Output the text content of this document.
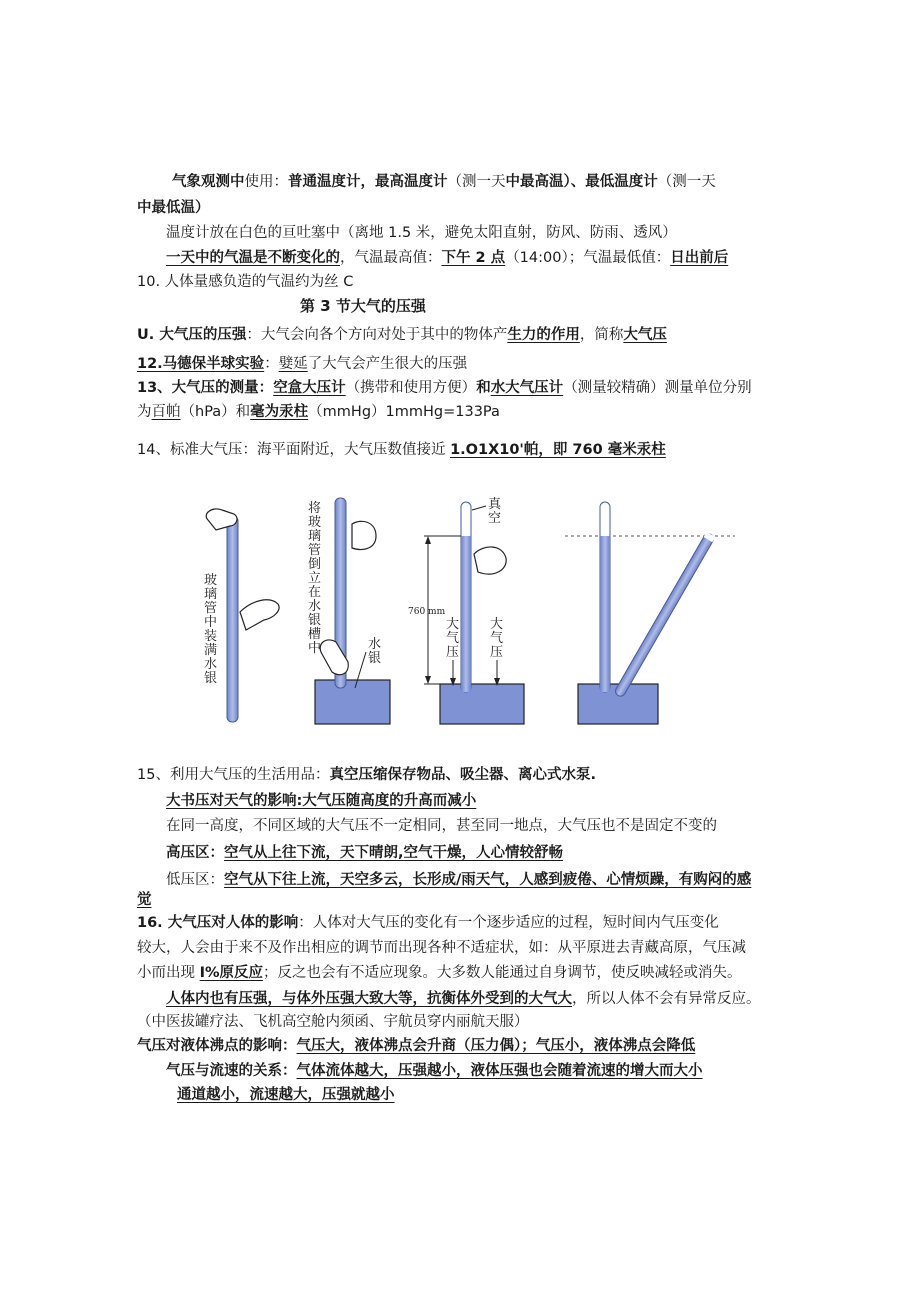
气象观测中使用：普通温度计，最高温度计（测一天中最高温）、最低温度计（测一天
中最低温）
温度计放在白色的亘吐塞中（离地 1.5 米，避免太阳直射，防风、防雨、透风）
一天中的气温是不断变化的，气温最高值：下午 2 点（14:00）；气温最低值：日出前后
10. 人体量感负造的气温约为丝 C
第 3 节大气的压强
U. 大气压的压强：大气会向各个方向对处于其中的物体产生力的作用，简称大气压
12.马德保半球实验：嬖延了大气会产生很大的压强
13、大气压的测量：空盒大压计（携带和使用方便）和水大气压计（测量较精确）测量单位分别
为百帕（hPa）和毫为汞柱（mmHg）1mmHg=133Pa
14、标准大气压：海平面附近，大气压数值接近 1.O1X10'帕，即 760 毫米汞柱
玻
璃
管
中
装
满
水
银
将
玻
璃
管
倒
立
在
水
银
槽
中	水
银
760 mm
真
空
大
气
压
大
气
压
15、利用大气压的生活用品：真空压缩保存物品、吸尘器、离心式水泵.
大书压对天气的影响:大气压随高度的升高而减小
在同一高度，不同区域的大气压不一定相同，甚至同一地点，大气压也不是固定不变的
高压区：空气从上往下流，天下晴朗,空气干燥，人心情较舒畅
低压区：空气从下往上流，天空多云，长形成/雨天气，人感到疲倦、心情烦躁，有购闷的感
觉
16. 大气压对人体的影响：人体对大气压的变化有一个逐步适应的过程，短时间内气压变化
较大，人会由于来不及作出相应的调节而出现各种不适症状，如：从平原进去青藏高原，气压减
小而出现 I%原反应；反之也会有不适应现象。大多数人能通过自身调节，使反映减轻或消失。
人体内也有压强，与体外压强大致大等，抗衡体外受到的大气大，所以人体不会有异常反应。
（中医拔罐疗法、飞机高空舱内须函、宇航员穿内丽航天服）
气压对液体沸点的影响：气压大，液体沸点会升商（压力偶）；气压小，液体沸点会降低
气压与流速的关系：气体流体越大，压强越小，液体压强也会随着流速的增大而大小
通道越小，流速越大，压强就越小
